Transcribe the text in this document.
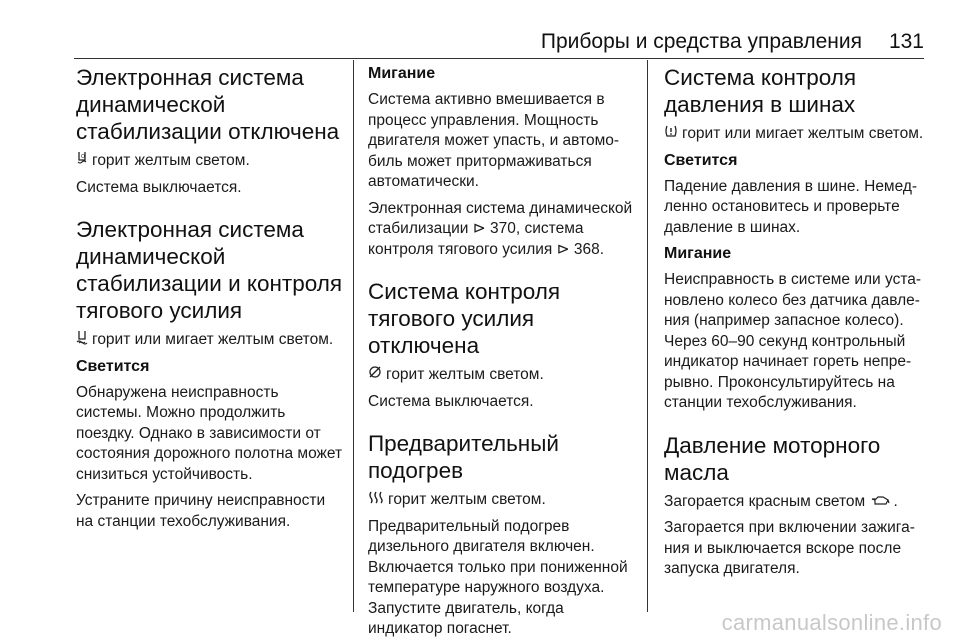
Приборы и средства управления 131
Электронная система динамической стабилизации отключена

O горит желтым светом.

Система выключается.

Электронная система динамической стабилизации и контроля тягового усилия

горит или мигает желтым светом.

Светится

Обнаружена неисправность системы. Можно продолжить поездку. Однако в зависимости от состояния дорожного полотна может снизиться устойчивость.

Устраните причину неисправности на станции техобслуживания.

Мигание

Система активно вмешивается в процесс управления. Мощность двигателя может упасть, и автомобиль может притормаживаться автоматически.

Электронная система динамической стабилизации ⊳ 370, система контроля тягового усилия ⊳ 368.

Система контроля тягового усилия отключена

горит желтым светом.

Система выключается.

Предварительный подогрев

горит желтым светом.

Предварительный подогрев дизельного двигателя включен. Включается только при пониженной температуре наружного воздуха. Запустите двигатель, когда индикатор погаснет.

Система контроля давления в шинах

горит или мигает желтым светом.

Светится

Падение давления в шине. Немедленно остановитесь и проверьте давление в шинах.

Мигание

Неисправность в системе или установлено колесо без датчика давления (например запасное колесо). Через 60–90 секунд контрольный индикатор начинает гореть непрерывно. Проконсультируйтесь на станции техобслуживания.

Давление моторного масла

Загорается красным светом .

Загорается при включении зажигания и выключается вскоре после запуска двигателя.

carmanualsonline.info
